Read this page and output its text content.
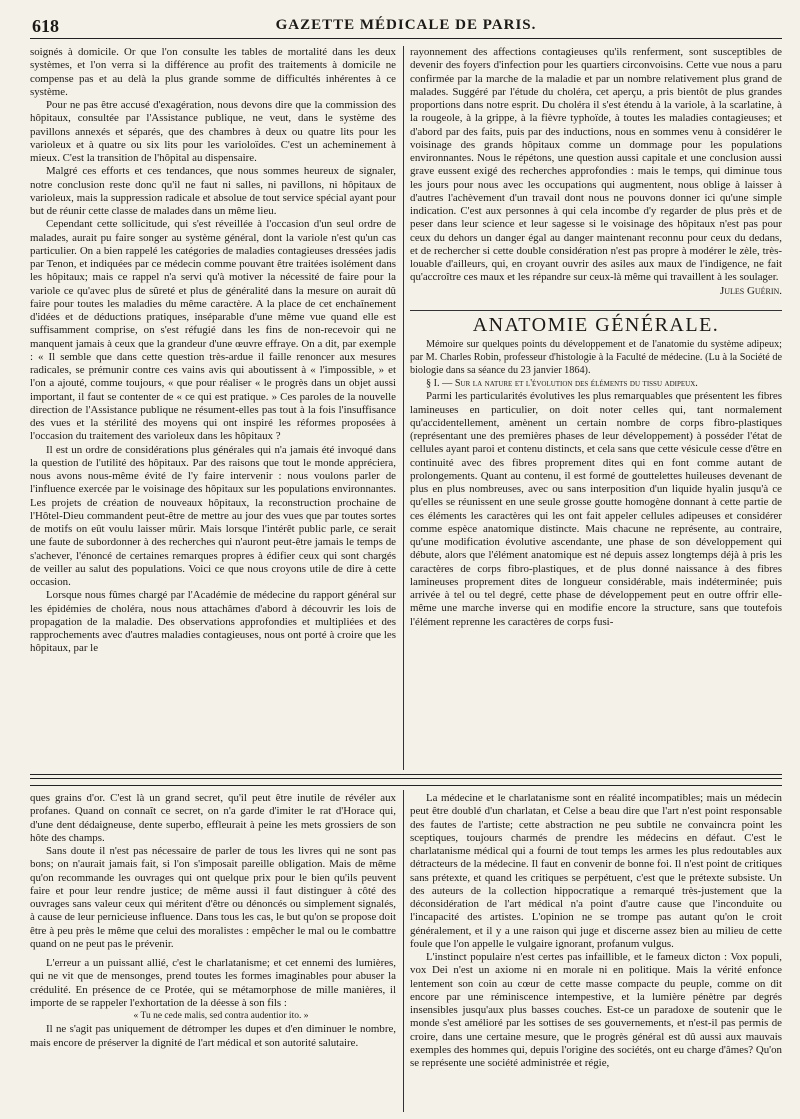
618	GAZETTE MÉDICALE DE PARIS.

soignés à domicile. Or que l'on consulte les tables de mortalité dans les deux systèmes, et l'on verra si la différence au profit des traitements à domicile ne compense pas et au delà la plus grande somme de difficultés inhérentes à ce système.

Pour ne pas être accusé d'exagération, nous devons dire que la commission des hôpitaux, consultée par l'Assistance publique, ne veut, dans le système des pavillons annexés et séparés, que des chambres à deux ou quatre lits pour les varioleux et à quatre ou six lits pour les varioloïdes. C'est un acheminement à mieux. C'est la transition de l'hôpital au dispensaire.

Malgré ces efforts et ces tendances, que nous sommes heureux de signaler, notre conclusion reste donc qu'il ne faut ni salles, ni pavillons, ni hôpitaux de varioleux, mais la suppression radicale et absolue de tout service spécial ayant pour but de réunir cette classe de malades dans un même lieu.

Cependant cette sollicitude, qui s'est réveillée à l'occasion d'un seul ordre de malades, aurait pu faire songer au système général, dont la variole n'est qu'un cas particulier. On a bien rappelé les catégories de maladies contagieuses dressées jadis par Tenon, et indiquées par ce médecin comme pouvant être traitées isolément dans les hôpitaux; mais ce rappel n'a servi qu'à motiver la nécessité de faire pour la variole ce qu'avec plus de sûreté et plus de généralité dans la mesure on aurait dû faire pour toutes les maladies du même caractère. A la place de cet enchaînement d'idées et de déductions pratiques, inséparable d'une même vue quand elle est suffisamment comprise, on s'est réfugié dans les fins de non-recevoir qui ne manquent jamais à ceux que la grandeur d'une œuvre effraye. On a dit, par exemple : « Il semble que dans cette question très-ardue il faille renoncer aux mesures radicales, se prémunir contre ces vains avis qui aboutissent à « l'impossible, » et l'on a ajouté, comme toujours, « que pour réaliser « le progrès dans un objet aussi important, il faut se contenter de « ce qui est pratique. » Ces paroles de la nouvelle direction de l'Assistance publique ne résument-elles pas tout à la fois l'insuffisance des vues et la stérilité des moyens qui ont inspiré les réformes proposées à l'occasion du traitement des varioleux dans les hôpitaux ?

Il est un ordre de considérations plus générales qui n'a jamais été invoqué dans la question de l'utilité des hôpitaux. Par des raisons que tout le monde appréciera, nous avons nous-même évité de l'y faire intervenir : nous voulons parler de l'influence exercée par le voisinage des hôpitaux sur les populations environnantes. Les projets de création de nouveaux hôpitaux, la reconstruction prochaine de l'Hôtel-Dieu commandent peut-être de mettre au jour des vues que par toutes sortes de motifs on eût voulu laisser mûrir. Mais lorsque l'intérêt public parle, ce serait une faute de subordonner à des recherches qui n'auront peut-être jamais le temps de s'achever, l'énoncé de certaines remarques propres à édifier ceux qui sont chargés de veiller au salut des populations. Voici ce que nous croyons utile de dire à cette occasion.

Lorsque nous fûmes chargé par l'Académie de médecine du rapport général sur les épidémies de choléra, nous nous attachâmes d'abord à découvrir les lois de propagation de la maladie. Des observations approfondies et multipliées et des rapprochements avec d'autres maladies contagieuses, nous ont porté à croire que les hôpitaux, par le

rayonnement des affections contagieuses qu'ils renferment, sont susceptibles de devenir des foyers d'infection pour les quartiers circonvoisins. Cette vue nous a paru confirmée par la marche de la maladie et par un nombre relativement plus grand de malades. Suggéré par l'étude du choléra, cet aperçu, a pris bientôt de plus grandes proportions dans notre esprit. Du choléra il s'est étendu à la variole, à la scarlatine, à la rougeole, à la grippe, à la fièvre typhoïde, à toutes les maladies contagieuses; et d'abord par des faits, puis par des inductions, nous en sommes venu à considérer le voisinage des grands hôpitaux comme un dommage pour les populations environnantes. Nous le répétons, une question aussi capitale et une conclusion aussi grave eussent exigé des recherches approfondies : mais le temps, qui diminue tous les jours pour nous avec les occupations qui augmentent, nous oblige à laisser à d'autres l'achèvement d'un travail dont nous ne pouvons donner ici qu'une simple indication. C'est aux personnes à qui cela incombe d'y regarder de plus près et de peser dans leur science et leur sagesse si le voisinage des hôpitaux n'est pas pour ceux du dehors un danger égal au danger maintenant reconnu pour ceux du dedans, et de rechercher si cette double considération n'est pas propre à modérer le zèle, très-louable d'ailleurs, qui, en croyant ouvrir des asiles aux maux de l'indigence, ne fait qu'accroître ces maux et les répandre sur ceux-là même qui travaillent à les soulager.

Jules Guérin.

ANATOMIE GÉNÉRALE.

Mémoire sur quelques points du développement et de l'anatomie du système adipeux; par M. Charles Robin, professeur d'histologie à la Faculté de médecine. (Lu à la Société de biologie dans sa séance du 23 janvier 1864).

§ I. — Sur la nature et l'évolution des éléments du tissu adipeux.

Parmi les particularités évolutives les plus remarquables que présentent les fibres lamineuses en particulier, on doit noter celles qui, tant normalement qu'accidentellement, amènent un certain nombre de corps fibro-plastiques (représentant une des premières phases de leur développement) à posséder l'état de cellules ayant paroi et contenu distincts, et cela sans que cette vésicule cesse d'être en continuité avec des fibres proprement dites qui en font comme autant de prolongements. Quant au contenu, il est formé de gouttelettes huileuses devenant de plus en plus nombreuses, avec ou sans interposition d'un liquide hyalin jusqu'à ce qu'elles se réunissent en une seule grosse goutte homogène donnant à cette partie de ces éléments les caractères qui les ont fait appeler cellules adipeuses et considérer comme espèce anatomique distincte. Mais chacune ne représente, au contraire, qu'une modification évolutive ascendante, une phase de son développement qui débute, alors que l'élément anatomique est né depuis assez longtemps déjà à pris les caractères de corps fibro-plastiques, et de plus donné naissance à des fibres lamineuses proprement dites de longueur considérable, mais indéterminée; puis arrivée à tel ou tel degré, cette phase de développement peut en outre offrir elle-même une marche inverse qui en modifie encore la structure, sans que toutefois l'élément reprenne les caractères de corps fusi-

ques grains d'or. C'est là un grand secret, qu'il peut être inutile de révéler aux profanes. Quand on connaît ce secret, on n'a garde d'imiter le rat d'Horace qui, d'une dent dédaigneuse, dente superbo, effleurait à peine les mets grossiers de son hôte des champs.

Sans doute il n'est pas nécessaire de parler de tous les livres qui ne sont pas bons; on n'aurait jamais fait, si l'on s'imposait pareille obligation. Mais de même qu'on recommande les ouvrages qui ont quelque prix pour le bien qu'ils peuvent faire et pour leur rendre justice; de même aussi il faut distinguer à côté des ouvrages sans valeur ceux qui méritent d'être ou dénoncés ou simplement signalés, à cause de leur pernicieuse influence. Dans tous les cas, le but qu'on se propose doit être à peu près le même que celui des moralistes : empêcher le mal ou le combattre quand on ne peut pas le prévenir.

L'erreur a un puissant allié, c'est le charlatanisme; et cet ennemi des lumières, qui ne vit que de mensonges, prend toutes les formes imaginables pour abuser la crédulité. En présence de ce Protée, qui se métamorphose de mille manières, il importe de se rappeler l'exhortation de la déesse à son fils :

« Tu ne cede malis, sed contra audentior ito. »

Il ne s'agit pas uniquement de détromper les dupes et d'en diminuer le nombre, mais encore de préserver la dignité de l'art médical et son autorité salutaire.

La médecine et le charlatanisme sont en réalité incompatibles; mais un médecin peut être doublé d'un charlatan, et Celse a beau dire que l'art n'est point responsable des fautes de l'artiste; cette abstraction ne peu subtile ne convaincra point les sceptiques, toujours charmés de prendre les médecins en défaut. C'est le charlatanisme médical qui a fourni de tout temps les armes les plus redoutables aux détracteurs de la médecine. Il faut en convenir de bonne foi. Il n'est point de critiques sans prétexte, et quand les critiques se perpétuent, c'est que le prétexte subsiste. Un des auteurs de la collection hippocratique a remarqué très-justement que la déconsidération de l'art médical n'a point d'autre cause que l'inconduite ou l'incapacité des artistes. L'opinion ne se trompe pas autant qu'on le croit généralement, et il y a une raison qui juge et discerne assez bien au milieu de cette foule que l'on appelle le vulgaire ignorant, profanum vulgus.

L'instinct populaire n'est certes pas infaillible, et le fameux dicton : Vox populi, vox Dei n'est un axiome ni en morale ni en politique. Mais la vérité enfonce lentement son coin au cœur de cette masse compacte du peuple, comme on dit encore par une réminiscence intempestive, et la lumière pénètre par degrés insensibles jusqu'aux plus basses couches. Est-ce un paradoxe de soutenir que le monde s'est amélioré par les sottises de ses gouvernements, et n'est-il pas permis de croire, dans une certaine mesure, que le progrès général est dû aussi aux mauvais exemples des hommes qui, depuis l'origine des sociétés, ont eu charge d'âmes? Qu'on se représente une société administrée et régie,
